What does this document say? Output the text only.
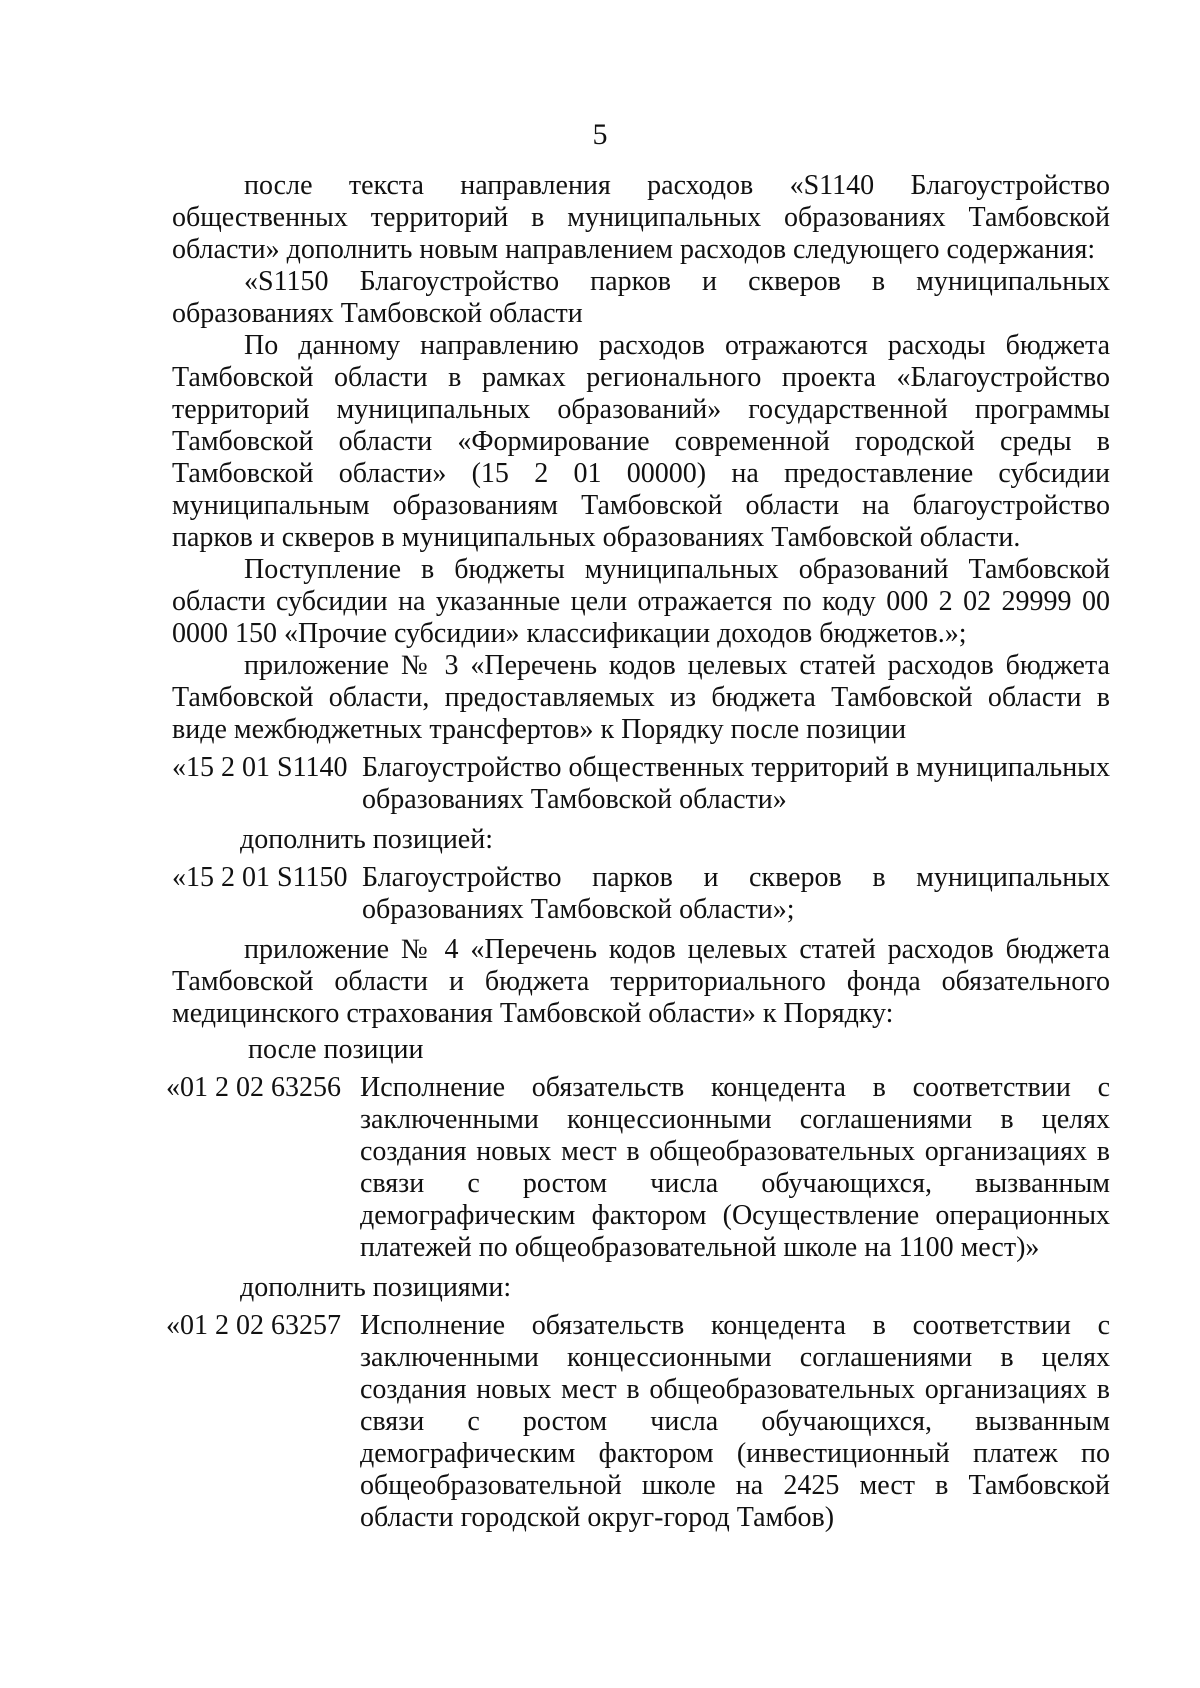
5

после текста направления расходов «S1140 Благоустройство общественных территорий в муниципальных образованиях Тамбовской области» дополнить новым направлением расходов следующего содержания:

«S1150 Благоустройство парков и скверов в муниципальных образованиях Тамбовской области

По данному направлению расходов отражаются расходы бюджета Тамбовской области в рамках регионального проекта «Благоустройство территорий муниципальных образований» государственной программы Тамбовской области «Формирование современной городской среды в Тамбовской области» (15 2 01 00000) на предоставление субсидии муниципальным образованиям Тамбовской области на благоустройство парков и скверов в муниципальных образованиях Тамбовской области.

Поступление в бюджеты муниципальных образований Тамбовской области субсидии на указанные цели отражается по коду 000 2 02 29999 00 0000 150 «Прочие субсидии» классификации доходов бюджетов.»;

приложение № 3 «Перечень кодов целевых статей расходов бюджета Тамбовской области, предоставляемых из бюджета Тамбовской области в виде межбюджетных трансфертов» к Порядку после позиции

«15 2 01 S1140 Благоустройство общественных территорий в муниципальных образованиях Тамбовской области»
дополнить позицией:
«15 2 01 S1150 Благоустройство парков и скверов в муниципальных образованиях Тамбовской области»;

приложение № 4 «Перечень кодов целевых статей расходов бюджета Тамбовской области и бюджета территориального фонда обязательного медицинского страхования Тамбовской области» к Порядку:

после позиции
«01 2 02 63256 Исполнение обязательств концедента в соответствии с заключенными концессионными соглашениями в целях создания новых мест в общеобразовательных организациях в связи с ростом числа обучающихся, вызванным демографическим фактором (Осуществление операционных платежей по общеобразовательной школе на 1100 мест)»
дополнить позициями:
«01 2 02 63257 Исполнение обязательств концедента в соответствии с заключенными концессионными соглашениями в целях создания новых мест в общеобразовательных организациях в связи с ростом числа обучающихся, вызванным демографическим фактором (инвестиционный платеж по общеобразовательной школе на 2425 мест в Тамбовской области городской округ-город Тамбов)
